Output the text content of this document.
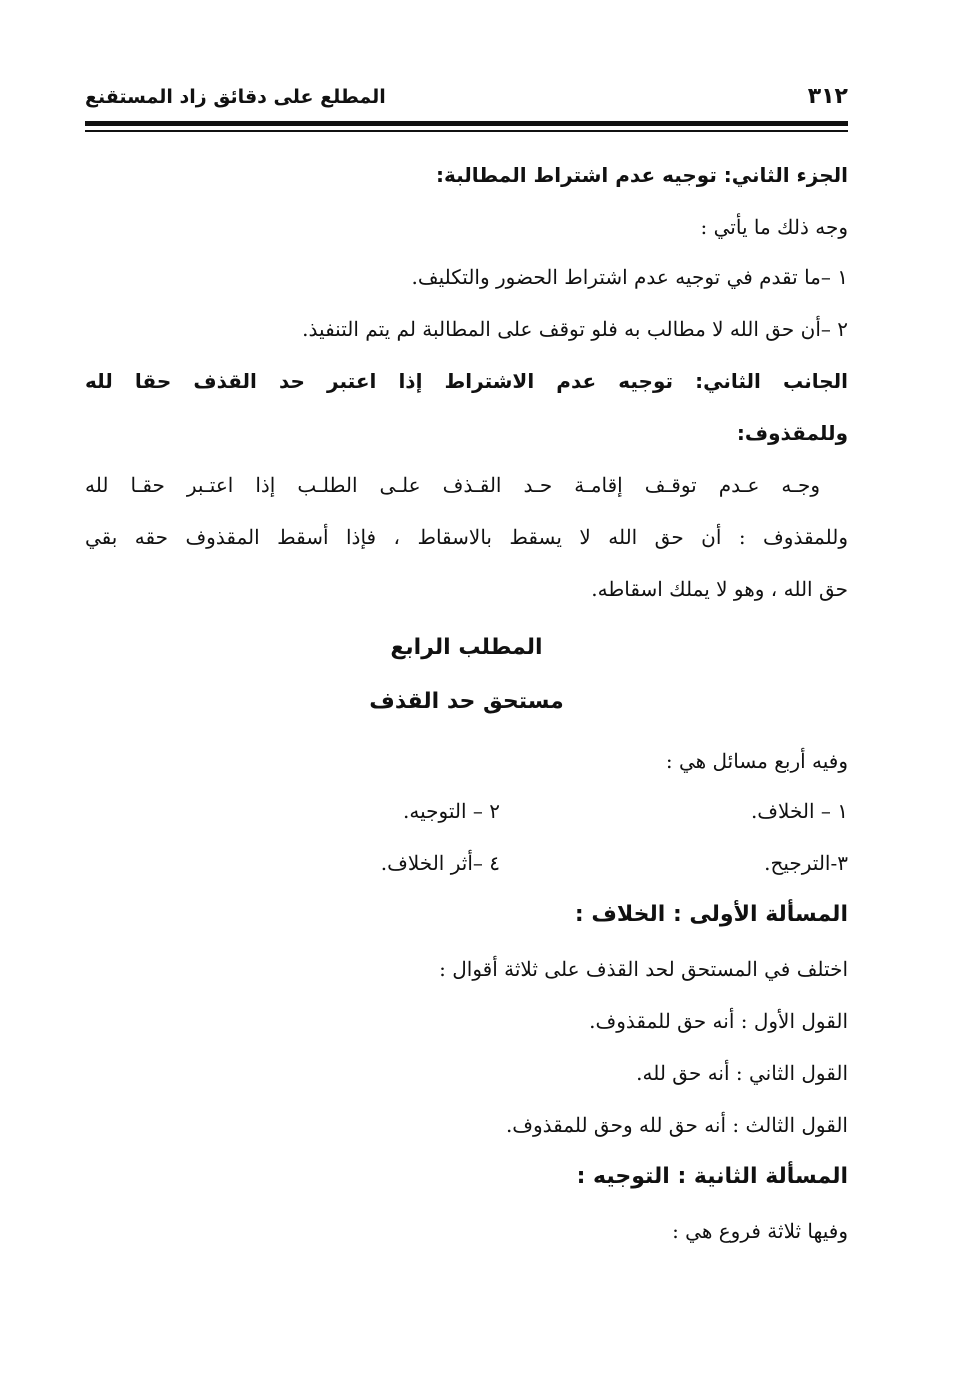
٣١٢
المطلع على دقائق زاد المستقنع
الجزء الثاني: توجيه عدم اشتراط المطالبة:
وجه ذلك ما يأتي :
١ –ما تقدم في توجيه عدم اشتراط الحضور والتكليف.
٢ –أن حق الله لا مطالب به فلو توقف على المطالبة لم يتم التنفيذ.
الجانب الثاني: توجيه عدم الاشتراط إذا اعتبر حد القذف حقا لله
وللمقذوف:
وجـه عـدم توقـف إقامـة حـد القـذف علـى الطلـب إذا اعتـبر حقـا لله
وللمقذوف : أن حق الله لا يسقط بالاسقاط ، فإذا أسقط المقذوف حقه بقي
حق الله ، وهو لا يملك اسقاطه.
المطلب الرابع
مستحق حد القذف
وفيه أربع مسائل هي :
١ – الخلاف.
٢ – التوجيه.
٣-الترجيح.
٤ –أثر الخلاف.
المسألة الأولى : الخلاف :
اختلف في المستحق لحد القذف على ثلاثة أقوال :
القول الأول : أنه حق للمقذوف.
القول الثاني : أنه حق لله.
القول الثالث : أنه حق لله وحق للمقذوف.
المسألة الثانية : التوجيه :
وفيها ثلاثة فروع هي :
